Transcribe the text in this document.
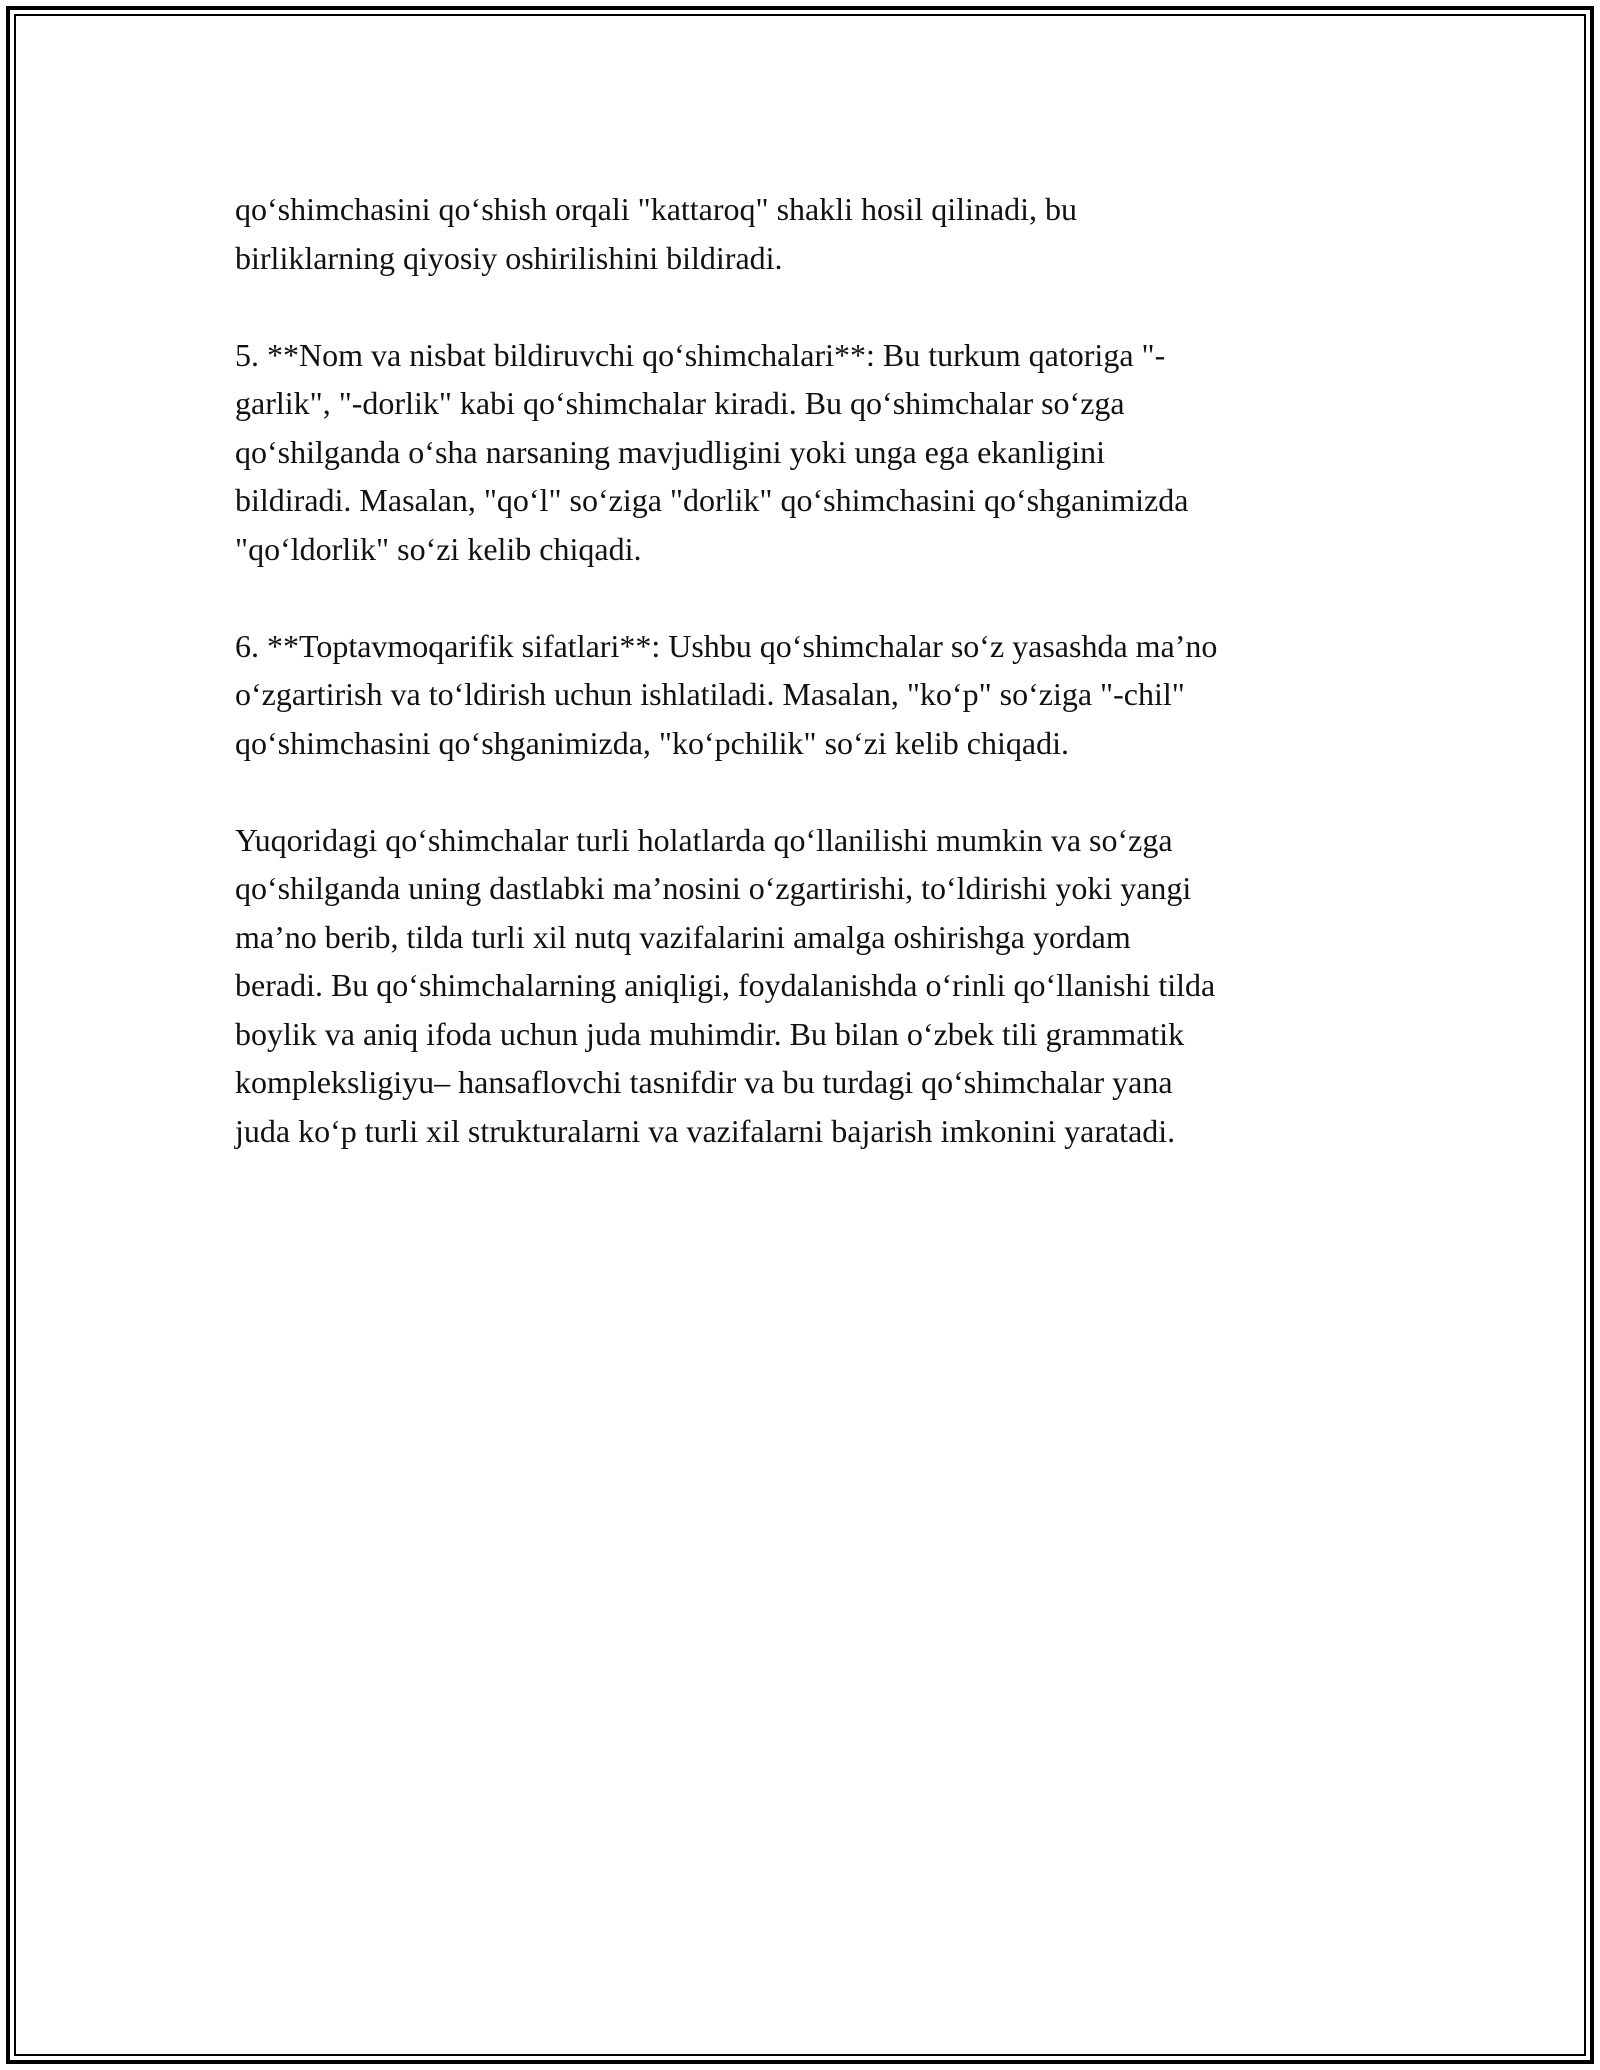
qo‘shimchasini qo‘shish orqali "kattaroq" shakli hosil qilinadi, bu
birliklarning qiyosiy oshirilishini bildiradi.

5. **Nom va nisbat bildiruvchi qo‘shimchalari**: Bu turkum qatoriga "-
garlik", "-dorlik" kabi qo‘shimchalar kiradi. Bu qo‘shimchalar so‘zga
qo‘shilganda o‘sha narsaning mavjudligini yoki unga ega ekanligini
bildiradi. Masalan, "qo‘l" so‘ziga "dorlik" qo‘shimchasini qo‘shganimizda
"qo‘ldorlik" so‘zi kelib chiqadi.

6. **Toptavmoqarifik sifatlari**: Ushbu qo‘shimchalar so‘z yasashda ma’no
o‘zgartirish va to‘ldirish uchun ishlatiladi. Masalan, "ko‘p" so‘ziga "-chil"
qo‘shimchasini qo‘shganimizda, "ko‘pchilik" so‘zi kelib chiqadi.

Yuqoridagi qo‘shimchalar turli holatlarda qo‘llanilishi mumkin va so‘zga
qo‘shilganda uning dastlabki ma’nosini o‘zgartirishi, to‘ldirishi yoki yangi
ma’no berib, tilda turli xil nutq vazifalarini amalga oshirishga yordam
beradi. Bu qo‘shimchalarning aniqligi, foydalanishda o‘rinli qo‘llanishi tilda
boylik va aniq ifoda uchun juda muhimdir. Bu bilan o‘zbek tili grammatik
kompleksligiyu– hansaflovchi tasnifdir va bu turdagi qo‘shimchalar yana
juda ko‘p turli xil strukturalarni va vazifalarni bajarish imkonini yaratadi.
